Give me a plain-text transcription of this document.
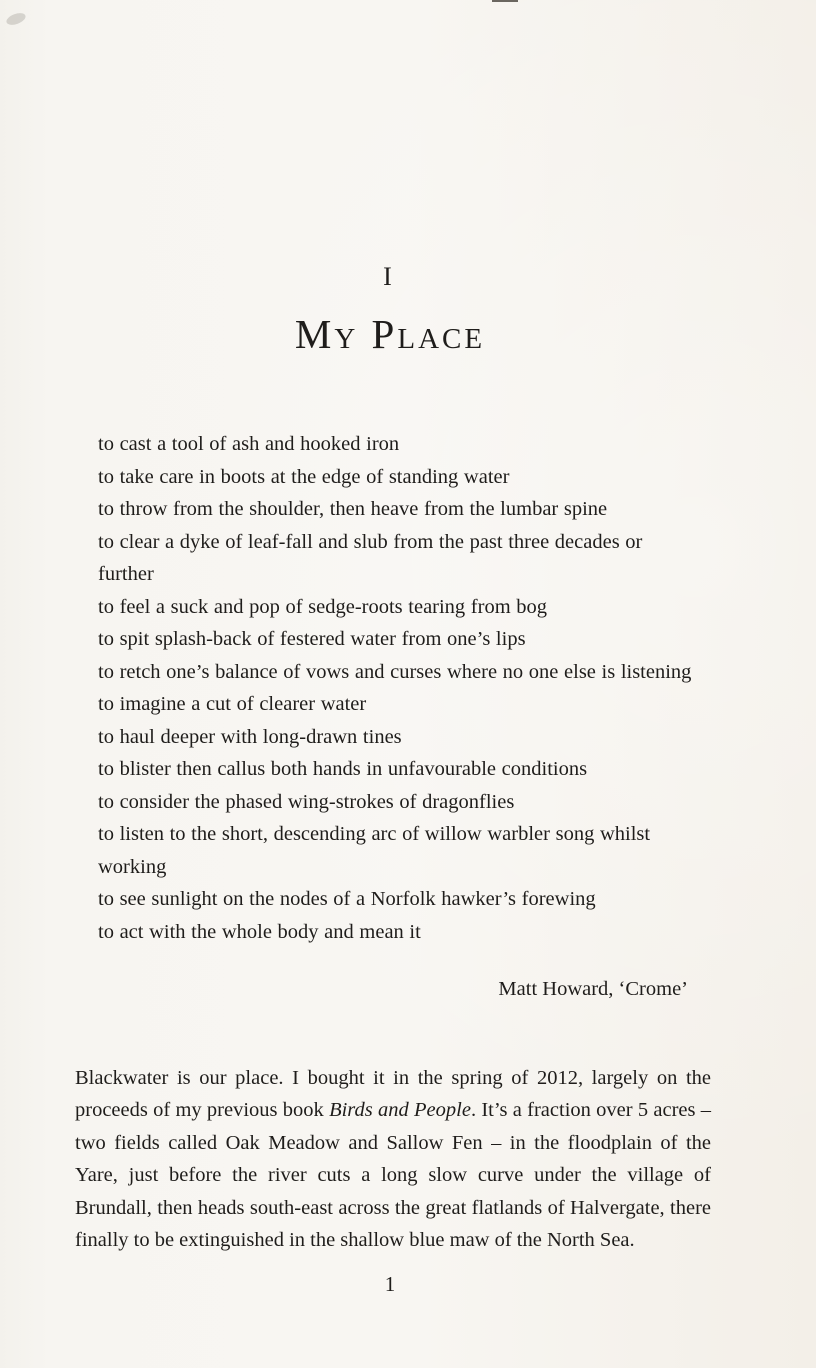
I
My Place
to cast a tool of ash and hooked iron
to take care in boots at the edge of standing water
to throw from the shoulder, then heave from the lumbar spine
to clear a dyke of leaf-fall and slub from the past three decades or further
to feel a suck and pop of sedge-roots tearing from bog
to spit splash-back of festered water from one’s lips
to retch one’s balance of vows and curses where no one else is listening
to imagine a cut of clearer water
to haul deeper with long-drawn tines
to blister then callus both hands in unfavourable conditions
to consider the phased wing-strokes of dragonflies
to listen to the short, descending arc of willow warbler song whilst working
to see sunlight on the nodes of a Norfolk hawker’s forewing
to act with the whole body and mean it
Matt Howard, ‘Crome’

Blackwater is our place. I bought it in the spring of 2012, largely on the proceeds of my previous book Birds and People. It’s a fraction over 5 acres – two fields called Oak Meadow and Sallow Fen – in the floodplain of the Yare, just before the river cuts a long slow curve under the village of Brundall, then heads south-east across the great flatlands of Halvergate, there finally to be extinguished in the shallow blue maw of the North Sea.

1
